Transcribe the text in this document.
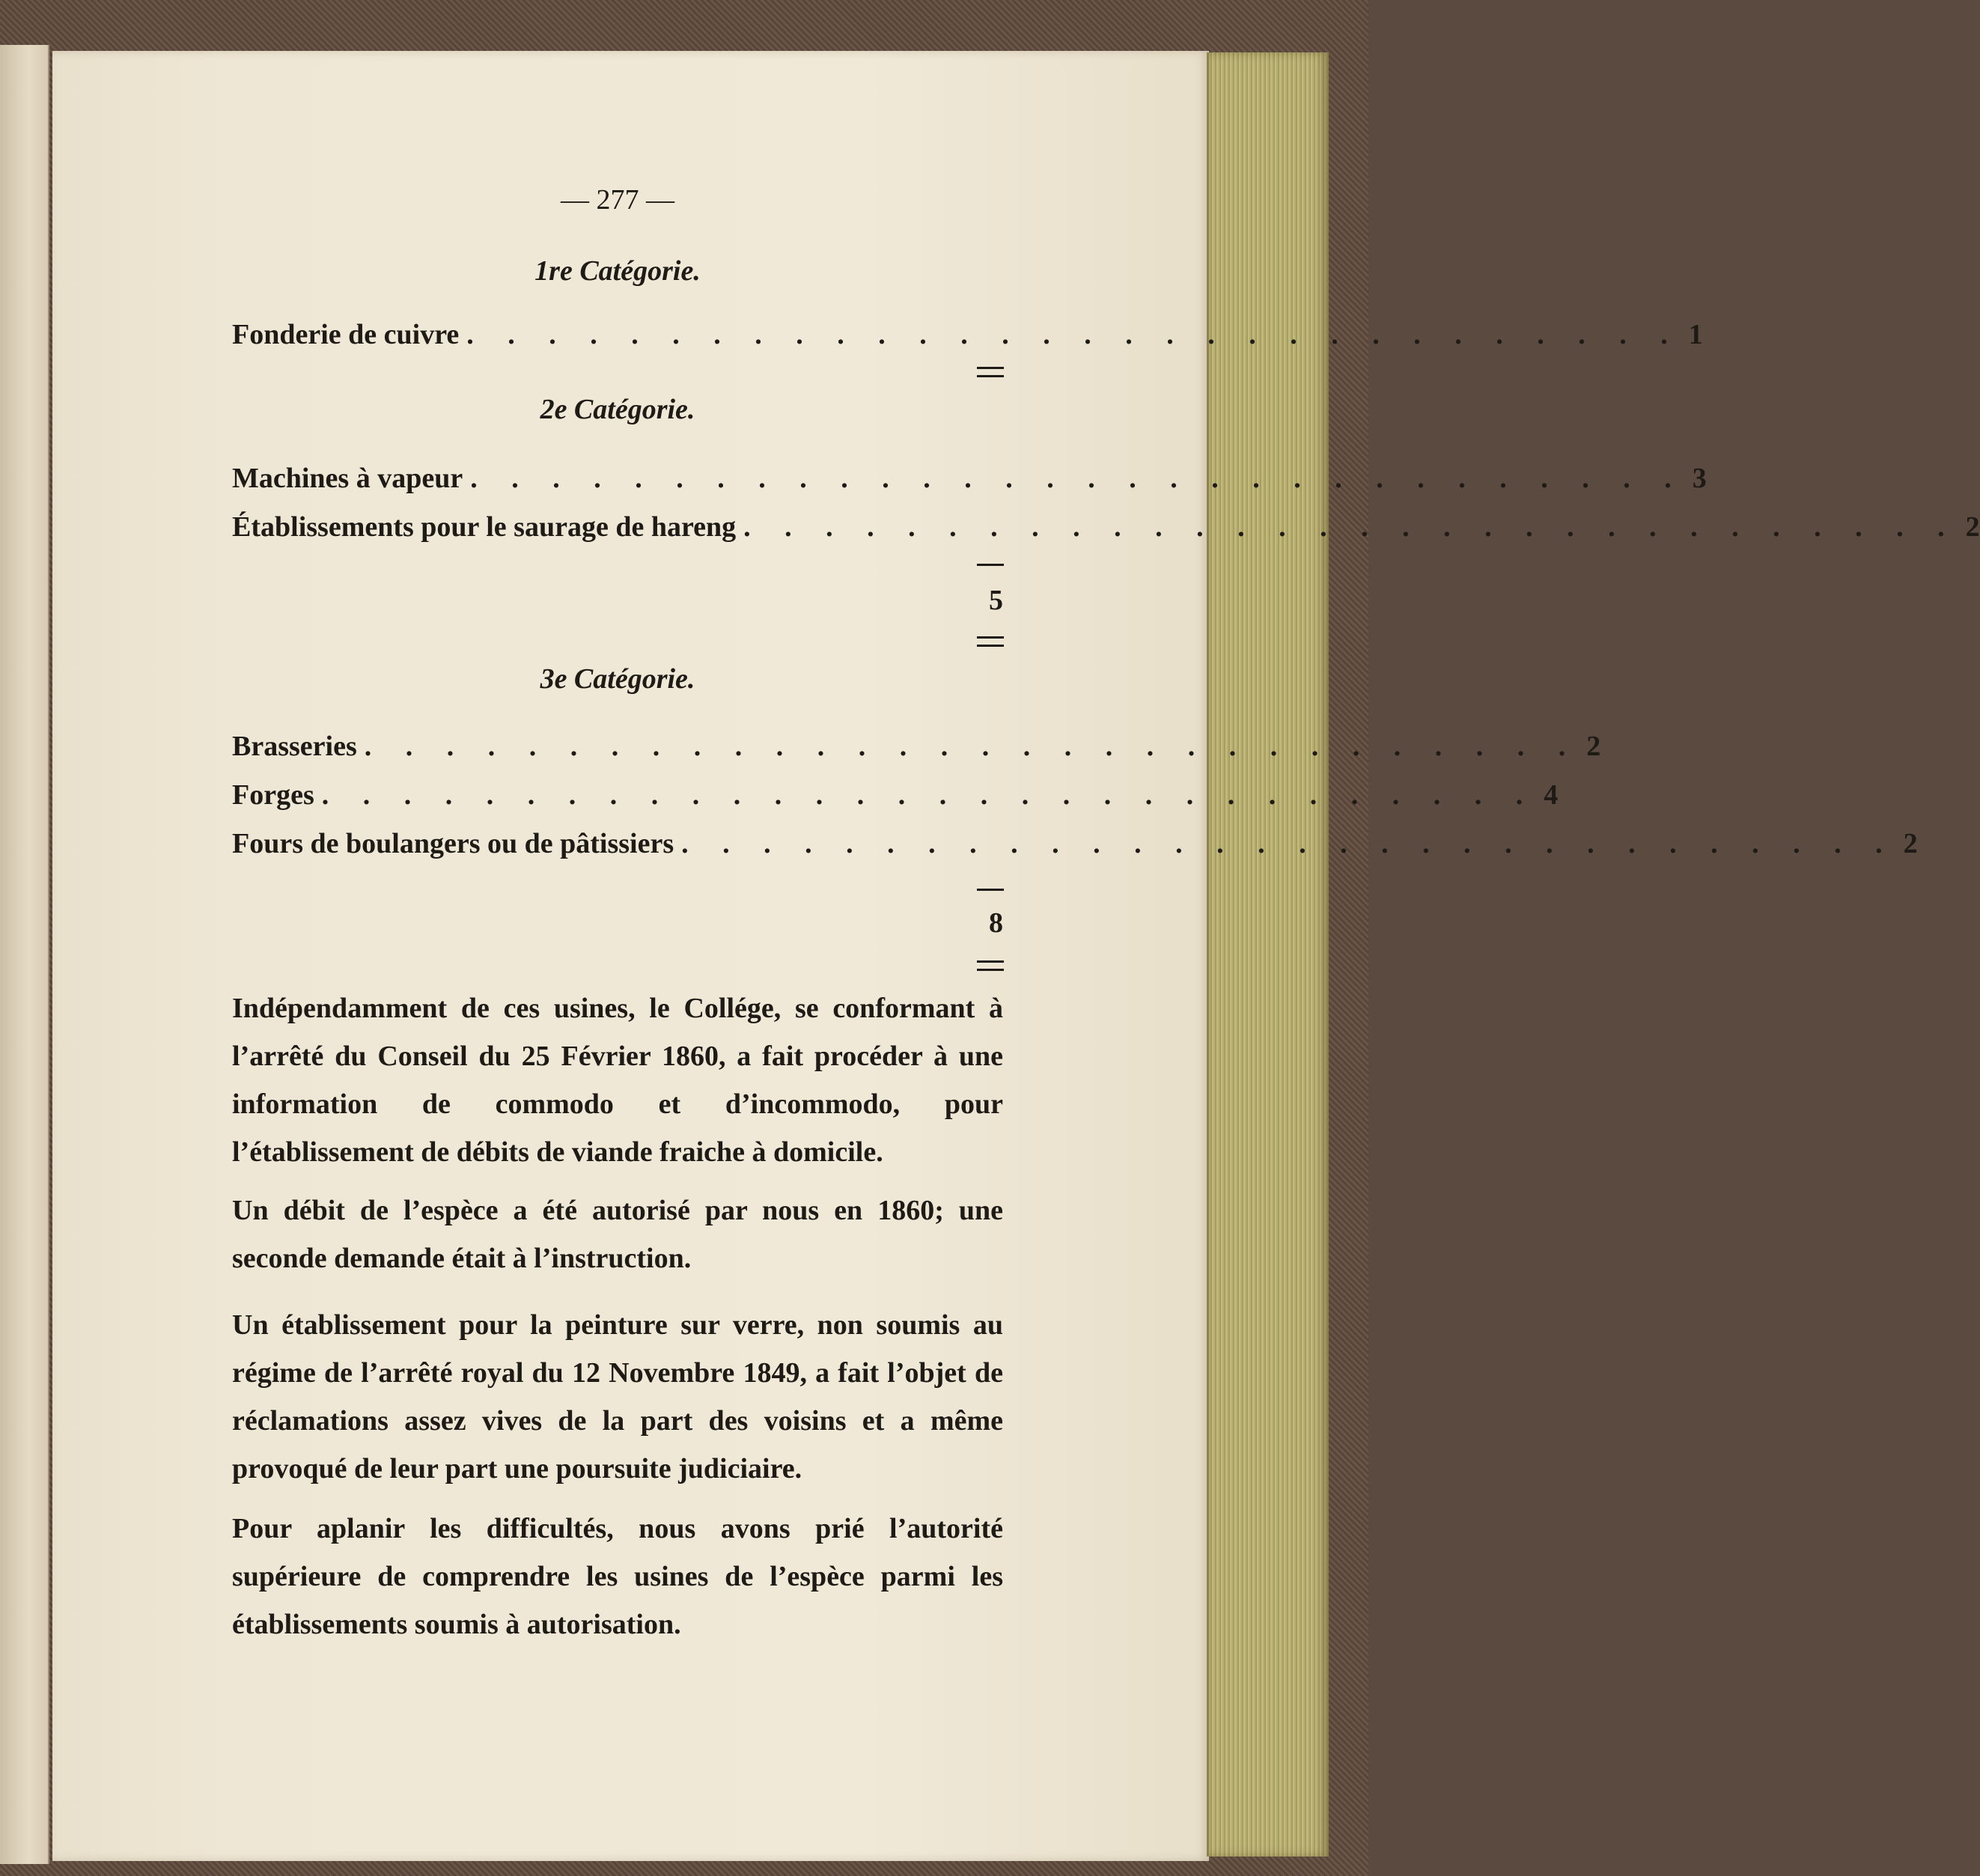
— 277 —
1re Catégorie.
Fonderie de cuivre . . . . . . . . . . . . . . . . . . . . . . . . . . . . . . 1
2e Catégorie.
Machines à vapeur . . . . . . . . . . . . . . . . . . . . . . . . . . . . . . 3
Établissements pour le saurage de hareng . . . . . . . . . . . . . . . . . . . . . . . . . . . . . . 2
5
3e Catégorie.
Brasseries . . . . . . . . . . . . . . . . . . . . . . . . . . . . . . 2
Forges . . . . . . . . . . . . . . . . . . . . . . . . . . . . . . 4
Fours de boulangers ou de pâtissiers . . . . . . . . . . . . . . . . . . . . . . . . . . . . . . 2
8

Indépendamment de ces usines, le Collége, se conformant à l’arrêté du Conseil du 25 Février 1860, a fait procéder à une information de commodo et d’incommodo, pour l’établissement de débits de viande fraiche à domicile.

Un débit de l’espèce a été autorisé par nous en 1860; une seconde demande était à l’instruction.

Un établissement pour la peinture sur verre, non soumis au régime de l’arrêté royal du 12 Novembre 1849, a fait l’objet de réclamations assez vives de la part des voisins et a même provoqué de leur part une poursuite judiciaire.

Pour aplanir les difficultés, nous avons prié l’autorité supérieure de comprendre les usines de l’espèce parmi les établissements soumis à autorisation.
